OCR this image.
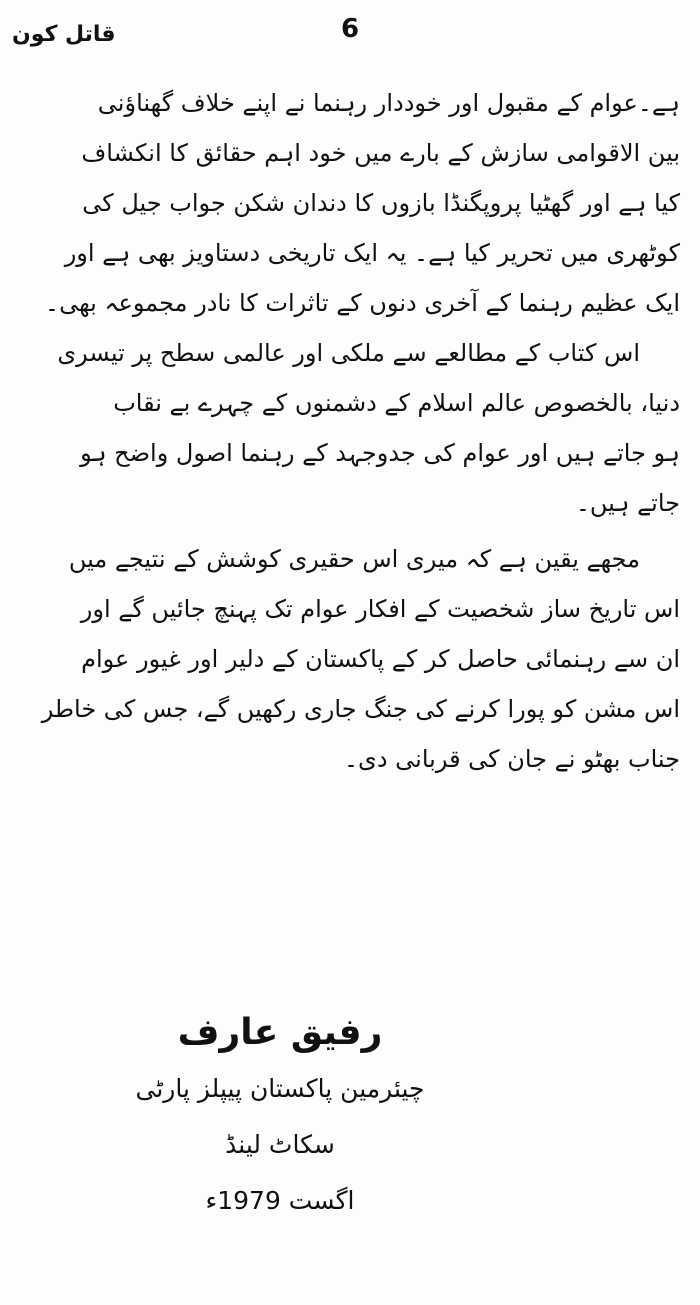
قاتل کون	6
ہے۔عوام کے مقبول اور خوددار رہنما نے اپنے خلاف گھناؤنی
بین الاقوامی سازش کے بارے میں خود اہم حقائق کا انکشاف
کیا ہے اور گھٹیا پروپگنڈا بازوں کا دندان شکن جواب جیل کی
کوٹھری میں تحریر کیا ہے۔ یہ ایک تاریخی دستاویز بھی ہے اور
ایک عظیم رہنما کے آخری دنوں کے تاثرات کا نادر مجموعہ بھی۔
اس کتاب کے مطالعے سے ملکی اور عالمی سطح پر تیسری
دنیا، بالخصوص عالم اسلام کے دشمنوں کے چہرے بے نقاب
ہو جاتے ہیں اور عوام کی جدوجہد کے رہنما اصول واضح ہو
جاتے ہیں۔
مجھے یقین ہے کہ میری اس حقیری کوشش کے نتیجے میں
اس تاریخ ساز شخصیت کے افکار عوام تک پہنچ جائیں گے اور
ان سے رہنمائی حاصل کر کے پاکستان کے دلیر اور غیور عوام
اس مشن کو پورا کرنے کی جنگ جاری رکھیں گے، جس کی خاطر
جناب بھٹو نے جان کی قربانی دی۔
رفیق عارف
چیئرمین پاکستان پیپلز پارٹی
سکاٹ لینڈ
اگست 1979ء
